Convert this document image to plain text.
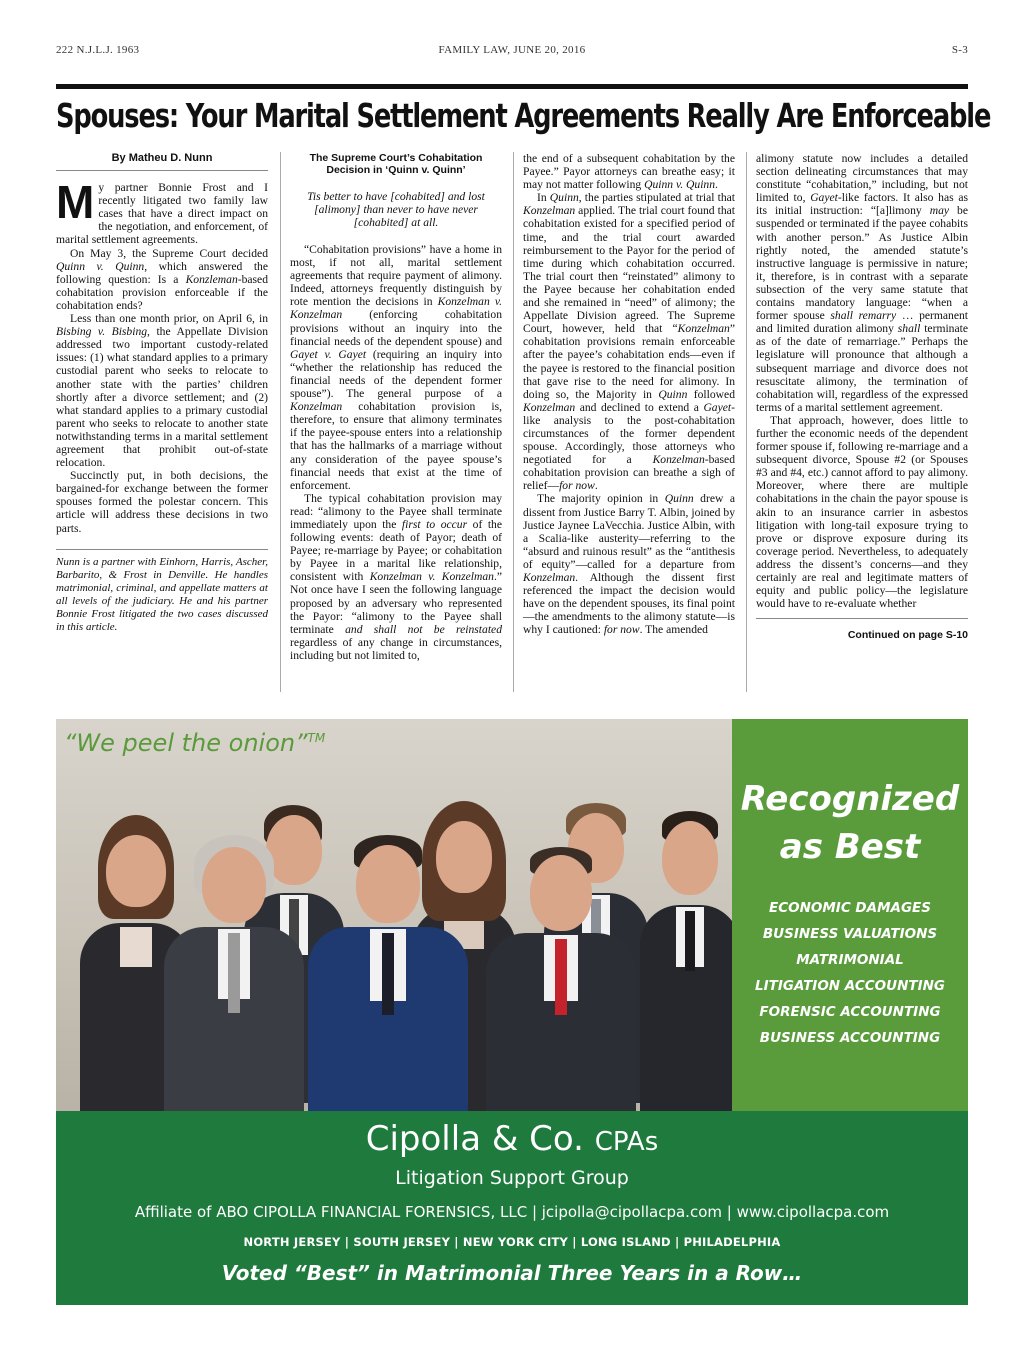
222 N.J.L.J. 1963	FAMILY LAW, JUNE 20, 2016	S-3
Spouses: Your Marital Settlement Agreements Really Are Enforceable
By Matheu D. Nunn

My partner Bonnie Frost and I recently litigated two family law cases that have a direct impact on the negotiation, and enforcement, of marital settlement agreements.

On May 3, the Supreme Court decided Quinn v. Quinn, which answered the following question: Is a Konzleman-based cohabitation provision enforceable if the cohabitation ends?

Less than one month prior, on April 6, in Bisbing v. Bisbing, the Appellate Division addressed two important custody-related issues: (1) what standard applies to a primary custodial parent who seeks to relocate to another state with the parties’ children shortly after a divorce settlement; and (2) what standard applies to a primary custodial parent who seeks to relocate to another state notwithstanding terms in a marital settlement agreement that prohibit out-of-state relocation.

Succinctly put, in both decisions, the bargained-for exchange between the former spouses formed the polestar concern. This article will address these decisions in two parts.

Nunn is a partner with Einhorn, Harris, Ascher, Barbarito, & Frost in Denville. He handles matrimonial, criminal, and appellate matters at all levels of the judiciary. He and his partner Bonnie Frost litigated the two cases discussed in this article.
The Supreme Court’s Cohabitation Decision in ‘Quinn v. Quinn’
Tis better to have [cohabited] and lost [alimony] than never to have never [cohabited] at all.

“Cohabitation provisions” have a home in most, if not all, marital settlement agreements that require payment of alimony. Indeed, attorneys frequently distinguish by rote mention the decisions in Konzelman v. Konzelman (enforcing cohabitation provisions without an inquiry into the financial needs of the dependent spouse) and Gayet v. Gayet (requiring an inquiry into “whether the relationship has reduced the financial needs of the dependent former spouse”). The general purpose of a Konzelman cohabitation provision is, therefore, to ensure that alimony terminates if the payee-spouse enters into a relationship that has the hallmarks of a marriage without any consideration of the payee spouse’s financial needs that exist at the time of enforcement.

The typical cohabitation provision may read: “alimony to the Payee shall terminate immediately upon the first to occur of the following events: death of Payor; death of Payee; re-marriage by Payee; or cohabitation by Payee in a marital like relationship, consistent with Konzelman v. Konzelman.” Not once have I seen the following language proposed by an adversary who represented the Payor: “alimony to the Payee shall terminate and shall not be reinstated regardless of any change in circumstances, including but not limited to,

the end of a subsequent cohabitation by the Payee.” Payor attorneys can breathe easy; it may not matter following Quinn v. Quinn.

In Quinn, the parties stipulated at trial that Konzelman applied. The trial court found that cohabitation existed for a specified period of time, and the trial court awarded reimbursement to the Payor for the period of time during which cohabitation occurred. The trial court then “reinstated” alimony to the Payee because her cohabitation ended and she remained in “need” of alimony; the Appellate Division agreed. The Supreme Court, however, held that “Konzelman” cohabitation provisions remain enforceable after the payee’s cohabitation ends—even if the payee is restored to the financial position that gave rise to the need for alimony. In doing so, the Majority in Quinn followed Konzelman and declined to extend a Gayet-like analysis to the post-cohabitation circumstances of the former dependent spouse. Accordingly, those attorneys who negotiated for a Konzelman-based cohabitation provision can breathe a sigh of relief—for now.

The majority opinion in Quinn drew a dissent from Justice Barry T. Albin, joined by Justice Jaynee LaVecchia. Justice Albin, with a Scalia-like austerity—referring to the “absurd and ruinous result” as the “antithesis of equity”—called for a departure from Konzelman. Although the dissent first referenced the impact the decision would have on the dependent spouses, its final point—the amendments to the alimony statute—is why I cautioned: for now. The amended

alimony statute now includes a detailed section delineating circumstances that may constitute “cohabitation,” including, but not limited to, Gayet-like factors. It also has as its initial instruction: “[a]limony may be suspended or terminated if the payee cohabits with another person.” As Justice Albin rightly noted, the amended statute’s instructive language is permissive in nature; it, therefore, is in contrast with a separate subsection of the very same statute that contains mandatory language: “when a former spouse shall remarry … permanent and limited duration alimony shall terminate as of the date of remarriage.” Perhaps the legislature will pronounce that although a subsequent marriage and divorce does not resuscitate alimony, the termination of cohabitation will, regardless of the expressed terms of a marital settlement agreement.

That approach, however, does little to further the economic needs of the dependent former spouse if, following re-marriage and a subsequent divorce, Spouse #2 (or Spouses #3 and #4, etc.) cannot afford to pay alimony. Moreover, where there are multiple cohabitations in the chain the payor spouse is akin to an insurance carrier in asbestos litigation with long-tail exposure trying to prove or disprove exposure during its coverage period. Nevertheless, to adequately address the dissent’s concerns—and they certainly are real and legitimate matters of equity and public policy—the legislature would have to re-evaluate whether

Continued on page S-10
“We peel the onion”™
Recognized
as Best
ECONOMIC DAMAGES
BUSINESS VALUATIONS
MATRIMONIAL
LITIGATION ACCOUNTING
FORENSIC ACCOUNTING
BUSINESS ACCOUNTING
Cipolla & Co. CPAs
Litigation Support Group
Affiliate of ABO CIPOLLA FINANCIAL FORENSICS, LLC | jcipolla@cipollacpa.com | www.cipollacpa.com
NORTH JERSEY | SOUTH JERSEY | NEW YORK CITY | LONG ISLAND | PHILADELPHIA
Voted “Best” in Matrimonial Three Years in a Row…
